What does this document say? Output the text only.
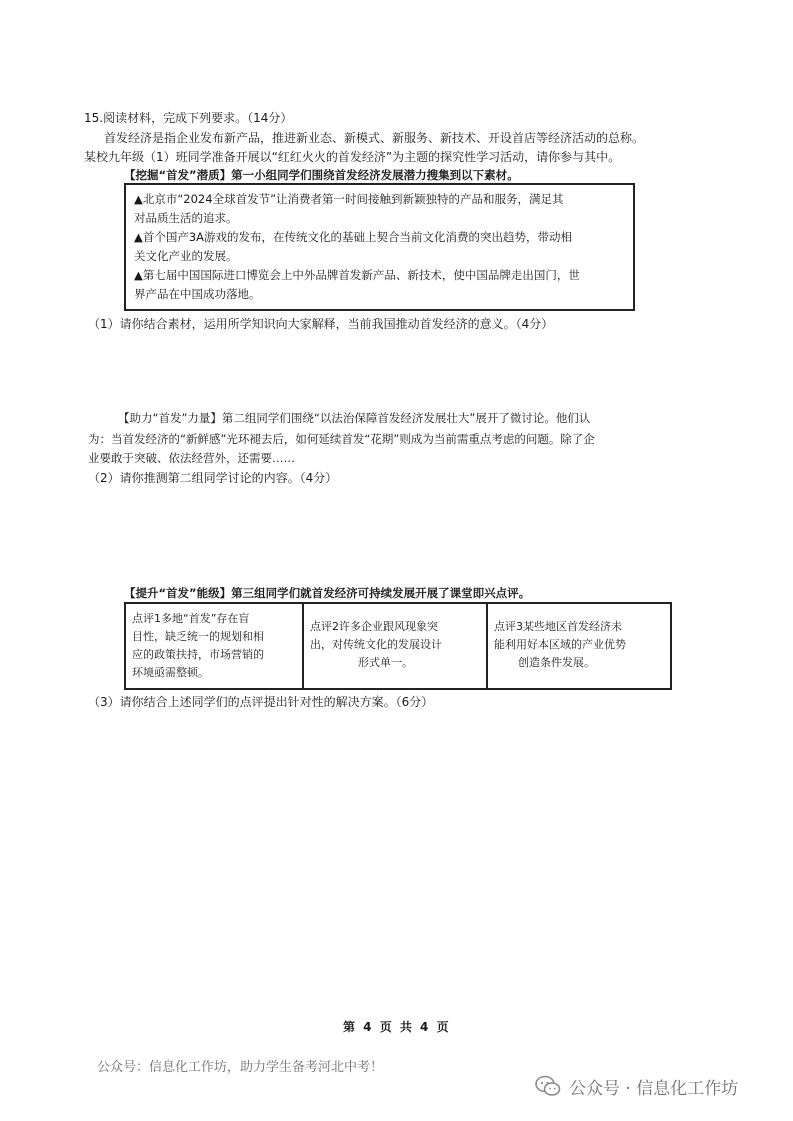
15.阅读材料，完成下列要求。（14分）
首发经济是指企业发布新产品，推进新业态、新模式、新服务、新技术、开设首店等经济活动的总称。
某校九年级（1）班同学准备开展以“红红火火的首发经济”为主题的探究性学习活动，请你参与其中。
【挖掘“首发”潜质】第一小组同学们围绕首发经济发展潜力搜集到以下素材。
▲北京市“2024全球首发节”让消费者第一时间接触到新颖独特的产品和服务，满足其
对品质生活的追求。
▲首个国产3A游戏的发布，在传统文化的基础上契合当前文化消费的突出趋势，带动相
关文化产业的发展。
▲第七届中国国际进口博览会上中外品牌首发新产品、新技术，使中国品牌走出国门，世
界产品在中国成功落地。
（1）请你结合素材，运用所学知识向大家解释，当前我国推动首发经济的意义。（4分）
【助力“首发”力量】第二组同学们围绕“以法治保障首发经济发展壮大”展开了微讨论。他们认
为：当首发经济的“新鲜感”光环褪去后，如何延续首发“花期”则成为当前需重点考虑的问题。除了企
业要敢于突破、依法经营外，还需要……
（2）请你推测第二组同学讨论的内容。（4分）
【提升“首发”能级】第三组同学们就首发经济可持续发展开展了课堂即兴点评。
点评1多地“首发”存在盲
目性，缺乏统一的规划和相
应的政策扶持，市场营销的
环境亟需整顿。
点评2许多企业跟风现象突
出，对传统文化的发展设计
形式单一。
点评3某些地区首发经济未
能利用好本区域的产业优势
创造条件发展。
（3）请你结合上述同学们的点评提出针对性的解决方案。（6分）
第 4 页 共 4 页
公众号：信息化工作坊，助力学生备考河北中考！
公众号 · 信息化工作坊
